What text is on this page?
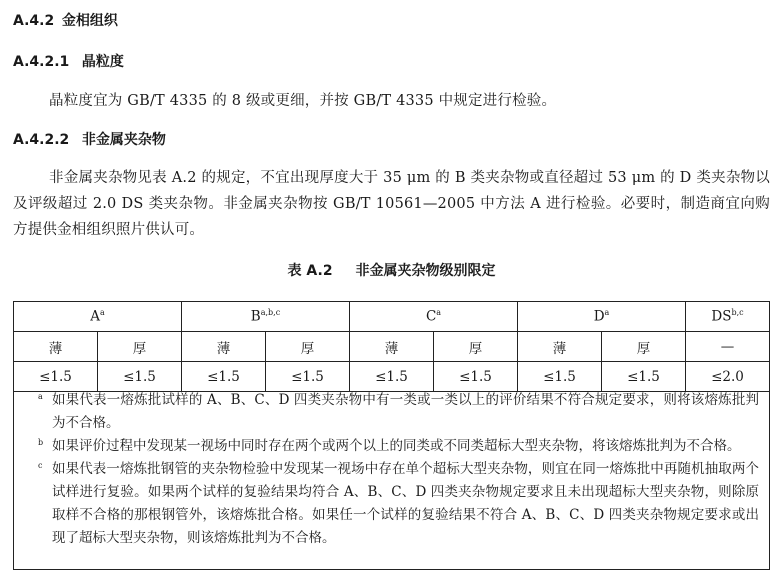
A.4.2 金相组织
A.4.2.1 晶粒度
晶粒度宜为 GB/T 4335 的 8 级或更细，并按 GB/T 4335 中规定进行检验。
A.4.2.2 非金属夹杂物
非金属夹杂物见表 A.2 的规定，不宜出现厚度大于 35 μm 的 B 类夹杂物或直径超过 53 μm 的 D 类夹杂物以及评级超过 2.0 DS 类夹杂物。非金属夹杂物按 GB/T 10561—2005 中方法 A 进行检验。必要时，制造商宜向购方提供金相组织照片供认可。
表 A.2 非金属夹杂物级别限定
$A^a$		B$^{a,b,c}$		$C^a$		$D^a$		DS$^{b,c}$
薄	厚	薄	厚	薄	厚	薄	厚	—
≤1.5	≤1.5	≤1.5	≤1.5	≤1.5	≤1.5	≤1.5	≤1.5	≤2.0
a 如果代表一熔炼批试样的 A、B、C、D 四类夹杂物中有一类或一类以上的评价结果不符合规定要求，则将该熔炼批判为不合格。
b 如果评价过程中发现某一视场中同时存在两个或两个以上的同类或不同类超标大型夹杂物，将该熔炼批判为不合格。
c 如果代表一熔炼批钢管的夹杂物检验中发现某一视场中存在单个超标大型夹杂物，则宜在同一熔炼批中再随机抽取两个试样进行复验。如果两个试样的复验结果均符合 A、B、C、D 四类夹杂物规定要求且未出现超标大型夹杂物，则除原取样不合格的那根钢管外，该熔炼批合格。如果任一个试样的复验结果不符合 A、B、C、D 四类夹杂物规定要求或出现了超标大型夹杂物，则该熔炼批判为不合格。
